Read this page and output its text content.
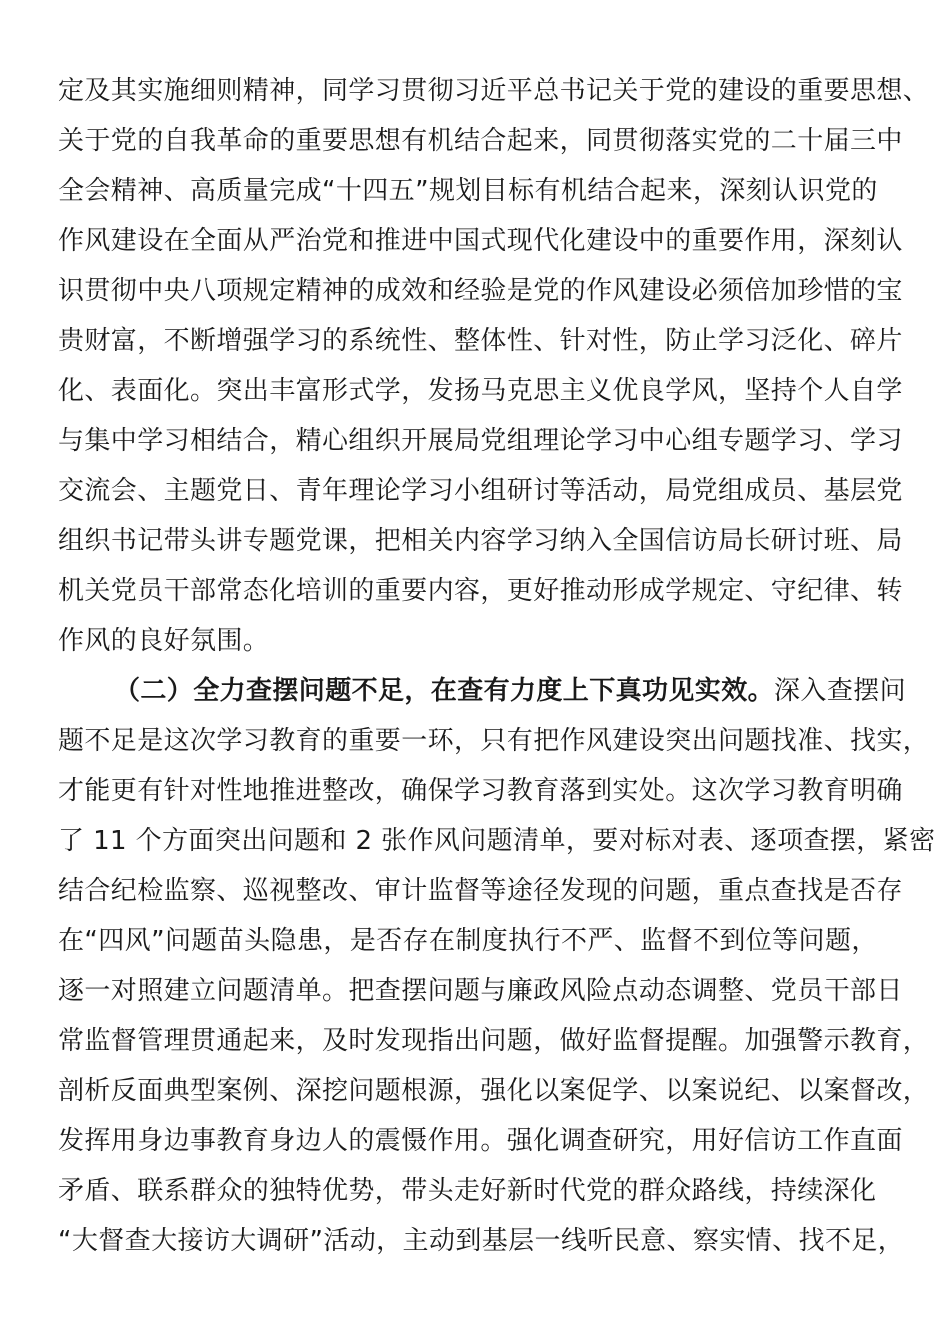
定及其实施细则精神，同学习贯彻习近平总书记关于党的建设的重要思想、
关于党的自我革命的重要思想有机结合起来，同贯彻落实党的二十届三中
全会精神、高质量完成“十四五”规划目标有机结合起来，深刻认识党的
作风建设在全面从严治党和推进中国式现代化建设中的重要作用，深刻认
识贯彻中央八项规定精神的成效和经验是党的作风建设必须倍加珍惜的宝
贵财富，不断增强学习的系统性、整体性、针对性，防止学习泛化、碎片
化、表面化。突出丰富形式学，发扬马克思主义优良学风，坚持个人自学
与集中学习相结合，精心组织开展局党组理论学习中心组专题学习、学习
交流会、主题党日、青年理论学习小组研讨等活动，局党组成员、基层党
组织书记带头讲专题党课，把相关内容学习纳入全国信访局长研讨班、局
机关党员干部常态化培训的重要内容，更好推动形成学规定、守纪律、转
作风的良好氛围。
（二）全力查摆问题不足，在查有力度上下真功见实效。深入查摆问
题不足是这次学习教育的重要一环，只有把作风建设突出问题找准、找实，
才能更有针对性地推进整改，确保学习教育落到实处。这次学习教育明确
了 11 个方面突出问题和 2 张作风问题清单，要对标对表、逐项查摆，紧密
结合纪检监察、巡视整改、审计监督等途径发现的问题，重点查找是否存
在“四风”问题苗头隐患，是否存在制度执行不严、监督不到位等问题，
逐一对照建立问题清单。把查摆问题与廉政风险点动态调整、党员干部日
常监督管理贯通起来，及时发现指出问题，做好监督提醒。加强警示教育，
剖析反面典型案例、深挖问题根源，强化以案促学、以案说纪、以案督改，
发挥用身边事教育身边人的震慑作用。强化调查研究，用好信访工作直面
矛盾、联系群众的独特优势，带头走好新时代党的群众路线，持续深化
“大督查大接访大调研”活动，主动到基层一线听民意、察实情、找不足，
